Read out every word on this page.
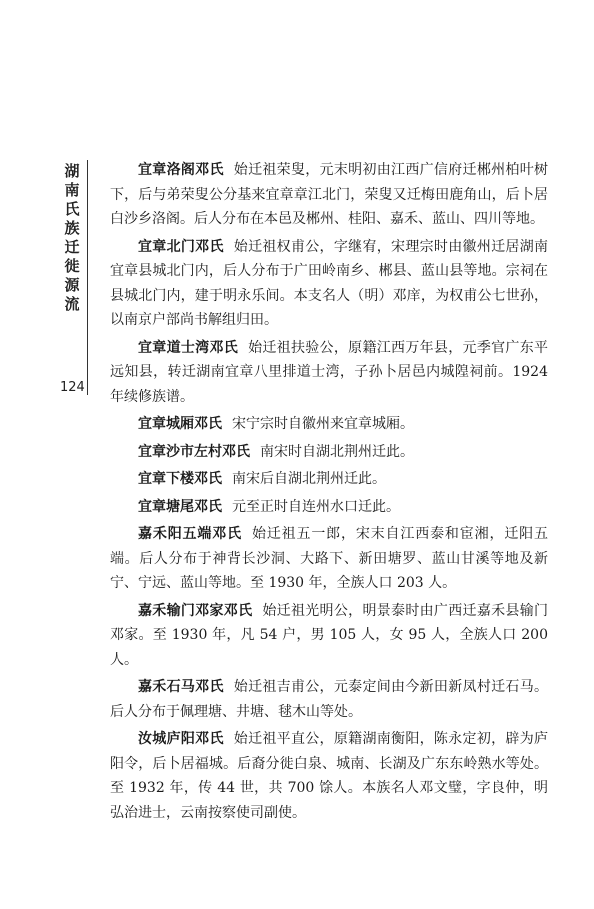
湖南氏族迁徙源流
124

宜章洛阁邓氏 始迁祖荣叟，元末明初由江西广信府迁郴州柏叶树下，后与弟荣叟公分基来宜章章江北门，荣叟又迁梅田鹿角山，后卜居白沙乡洛阁。后人分布在本邑及郴州、桂阳、嘉禾、蓝山、四川等地。

宜章北门邓氏 始迁祖权甫公，字继宥，宋理宗时由徽州迁居湖南宜章县城北门内，后人分布于广田岭南乡、郴县、蓝山县等地。宗祠在县城北门内，建于明永乐间。本支名人（明）邓庠，为权甫公七世孙，以南京户部尚书解组归田。

宜章道士湾邓氏 始迁祖扶验公，原籍江西万年县，元季官广东平远知县，转迁湖南宜章八里排道士湾，子孙卜居邑内城隍祠前。1924 年续修族谱。

宜章城厢邓氏 宋宁宗时自徽州来宜章城厢。

宜章沙市左村邓氏 南宋时自湖北荆州迁此。

宜章下楼邓氏 南宋后自湖北荆州迁此。

宜章塘尾邓氏 元至正时自连州水口迁此。

嘉禾阳五端邓氏 始迁祖五一郎，宋末自江西泰和宦湘，迁阳五端。后人分布于神背长沙洞、大路下、新田塘罗、蓝山甘溪等地及新宁、宁远、蓝山等地。至 1930 年，全族人口 203 人。

嘉禾输门邓家邓氏 始迁祖光明公，明景泰时由广西迁嘉禾县输门邓家。至 1930 年，凡 54 户，男 105 人，女 95 人，全族人口 200 人。

嘉禾石马邓氏 始迁祖吉甫公，元泰定间由今新田新凤村迁石马。后人分布于佩理塘、井塘、毬木山等处。

汝城庐阳邓氏 始迁祖平直公，原籍湖南衡阳，陈永定初，辟为庐阳令，后卜居福城。后裔分徙白泉、城南、长湖及广东东岭熟水等处。至 1932 年，传 44 世，共 700 馀人。本族名人邓文璧，字良仲，明弘治进士，云南按察使司副使。
